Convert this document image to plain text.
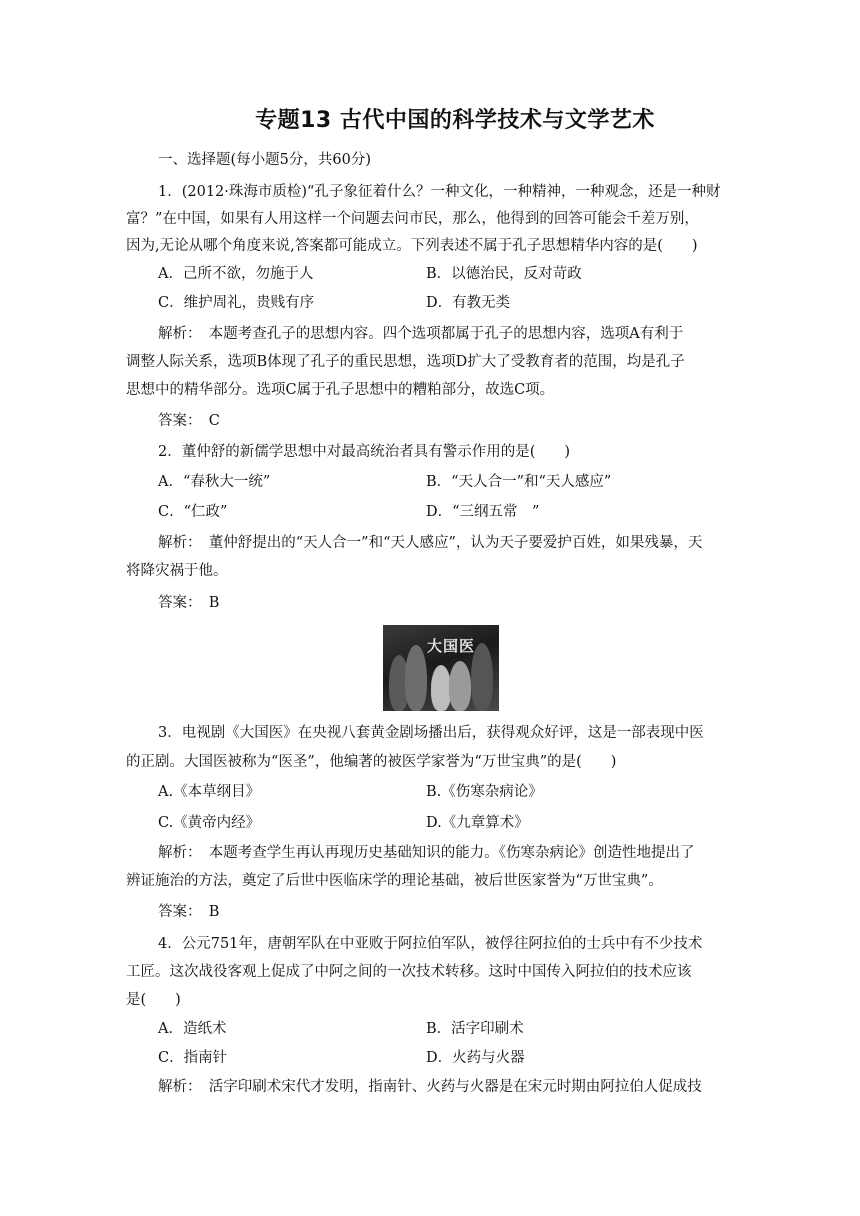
专题13 古代中国的科学技术与文学艺术
一、选择题(每小题5分，共60分)
1．(2012·珠海市质检)“孔子象征着什么？一种文化，一种精神，一种观念，还是一种财
富？”在中国，如果有人用这样一个问题去问市民，那么，他得到的回答可能会千差万别，
因为,无论从哪个角度来说,答案都可能成立。下列表述不属于孔子思想精华内容的是(　　)
A．己所不欲，勿施于人	B．以德治民，反对苛政
C．维护周礼，贵贱有序	D．有教无类
解析：　本题考查孔子的思想内容。四个选项都属于孔子的思想内容，选项A有利于
调整人际关系，选项B体现了孔子的重民思想，选项D扩大了受教育者的范围，均是孔子
思想中的精华部分。选项C属于孔子思想中的糟粕部分，故选C项。
答案：　C
2．董仲舒的新儒学思想中对最高统治者具有警示作用的是(　　)
A．“春秋大一统”	B．“天人合一”和“天人感应”
C．“仁政”	D．“三纲五常　”
解析：　董仲舒提出的“天人合一”和“天人感应”，认为天子要爱护百姓，如果残暴，天
将降灾祸于他。
答案：　B
大国医
3．电视剧《大国医》在央视八套黄金剧场播出后，获得观众好评，这是一部表现中医
的正剧。大国医被称为“医圣”，他编著的被医学家誉为“万世宝典”的是(　　)
A.《本草纲目》	B.《伤寒杂病论》
C.《黄帝内经》	D.《九章算术》
解析：　本题考查学生再认再现历史基础知识的能力。《伤寒杂病论》创造性地提出了
辨证施治的方法，奠定了后世中医临床学的理论基础，被后世医家誉为“万世宝典”。
答案：　B
4．公元751年，唐朝军队在中亚败于阿拉伯军队，被俘往阿拉伯的士兵中有不少技术
工匠。这次战役客观上促成了中阿之间的一次技术转移。这时中国传入阿拉伯的技术应该
是(　　)
A．造纸术	B．活字印刷术
C．指南针	D．火药与火器
解析：　活字印刷术宋代才发明，指南针、火药与火器是在宋元时期由阿拉伯人促成技
